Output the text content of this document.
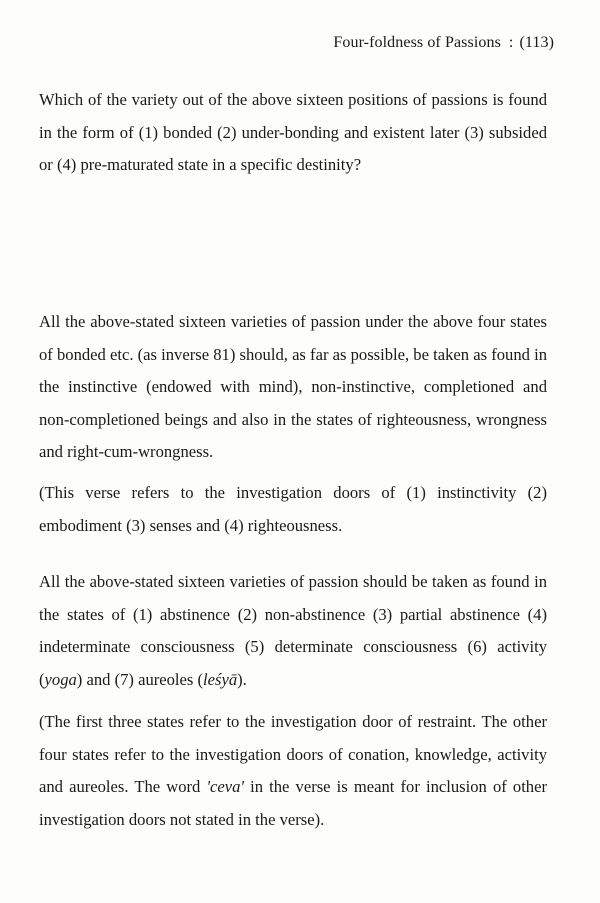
Four-foldness of Passions : (113)

Which of the variety out of the above sixteen positions of passions is found in the form of (1) bonded (2) under-bonding and existent later (3) subsided or (4) pre-maturated state in a specific destinity?

All the above-stated sixteen varieties of passion under the above four states of bonded etc. (as inverse 81) should, as far as possible, be taken as found in the instinctive (endowed with mind), non-instinctive, completioned and non-completioned beings and also in the states of righteousness, wrongness and right-cum-wrongness.

(This verse refers to the investigation doors of (1) instinctivity (2) embodiment (3) senses and (4) righteousness.

All the above-stated sixteen varieties of passion should be taken as found in the states of (1) abstinence (2) non-abstinence (3) partial abstinence (4) indeterminate consciousness (5) determinate consciousness (6) activity (yoga) and (7) aureoles (leśyā).

(The first three states refer to the investigation door of restraint. The other four states refer to the investigation doors of conation, knowledge, activity and aureoles. The word 'ceva' in the verse is meant for inclusion of other investigation doors not stated in the verse).
